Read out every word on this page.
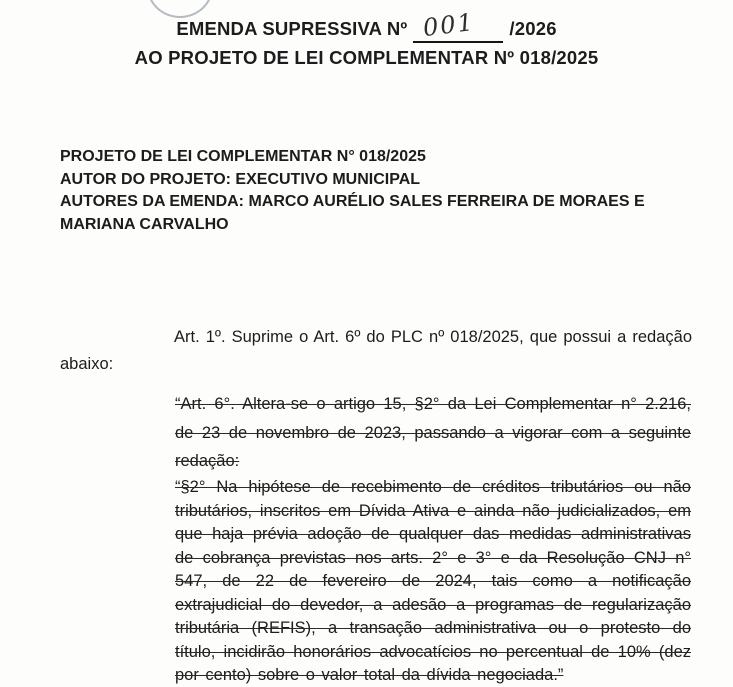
EMENDA SUPRESSIVA Nº 001 /2026
AO PROJETO DE LEI COMPLEMENTAR Nº 018/2025

PROJETO DE LEI COMPLEMENTAR N° 018/2025

AUTOR DO PROJETO: EXECUTIVO MUNICIPAL

AUTORES DA EMENDA: MARCO AURÉLIO SALES FERREIRA DE MORAES E MARIANA CARVALHO

Art. 1º. Suprime o Art. 6º do PLC nº 018/2025, que possui a redação abaixo:

“Art. 6°. Altera-se o artigo 15, §2° da Lei Complementar n° 2.216, de 23 de novembro de 2023, passando a vigorar com a seguinte redação:

“§2° Na hipótese de recebimento de créditos tributários ou não tributários, inscritos em Dívida Ativa e ainda não judicializados, em que haja prévia adoção de qualquer das medidas administrativas de cobrança previstas nos arts. 2° e 3° e da Resolução CNJ n° 547, de 22 de fevereiro de 2024, tais como a notificação extrajudicial do devedor, a adesão a programas de regularização tributária (REFIS), a transação administrativa ou o protesto do título, incidirão honorários advocatícios no percentual de 10% (dez por cento) sobre o valor total da dívida negociada.”
